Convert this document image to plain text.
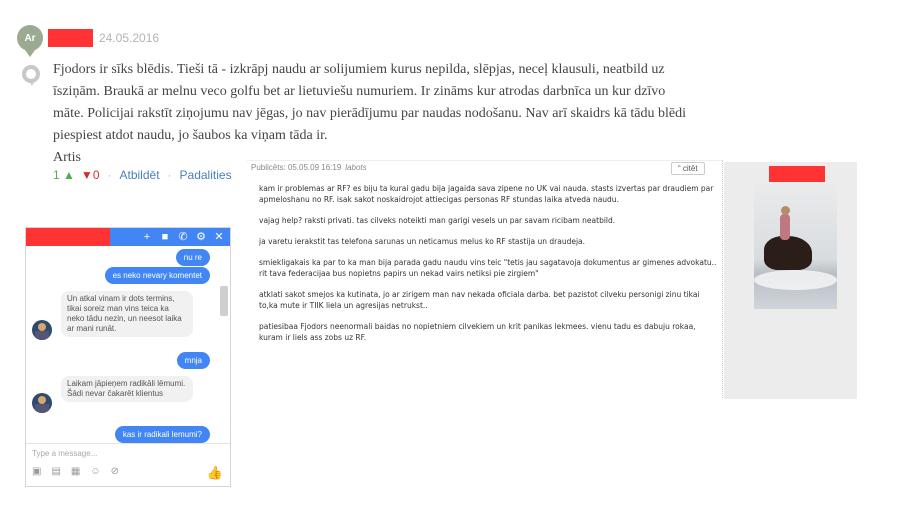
Ar	24.05.2016

Fjodors ir sīks blēdis. Tieši tā - izkrāpj naudu ar solijumiem kurus nepilda, slēpjas, neceļ klausuli, neatbild uz īsziņām. Braukā ar melnu veco golfu bet ar lietuviešu numuriem. Ir zināms kur atrodas darbnīca un kur dzīvo māte. Policijai rakstīt ziņojumu nav jēgas, jo nav pierādījumu par naudas nodošanu. Nav arī skaidrs kā tādu blēdi piespiest atdot naudu, jo šaubos ka viņam tāda ir.

Artis

1 ▲ ▼0 · Atbildēt · Padalities
+ ■ ✆ ⚙ ✕
nu re
es neko nevary komentet
Un atkal vinam ir dots termins, tikai soreiz man vins teica ka neko tādu nezin, un neesot laika ar mani runāt.
mnja
Laikam jāpieņem radikāli lēmumi. Šādi nevar čakarēt klientus
kas ir radikali lemumi?
Type a message...
▣ ▤ ▦ ☺ ⊘	👍
Publicēts: 05.05.09 16:19 labots	“ citēt

kam ir problemas ar RF? es biju ta kurai gadu bija jagaida sava zipene no UK vai nauda. stasts izvertas par draudiem par apmeloshanu no RF. isak sakot noskaidrojot attiecigas personas RF stundas laika atveda naudu.

vajag help? raksti privati. tas cilveks noteikti man garigi vesels un par savam ricibam neatbild.

ja varetu ierakstit tas telefona sarunas un neticamus melus ko RF stastija un draudeja.

smiekligakais ka par to ka man bija parada gadu naudu vins teic "tetis jau sagatavoja dokumentus ar gimenes advokatu.. rit tava federacijaa bus nopietns papirs un nekad vairs netiksi pie zirgiem"

atklati sakot smejos ka kutinata, jo ar zirigem man nav nekada oficiala darba. bet pazistot cilveku personigi zinu tikai to,ka mute ir TIIK liela un agresijas netrukst..

patiesibaa Fjodors neenormali baidas no nopietniem cilvekiem un krit panikas lekmees. vienu tadu es dabuju rokaa, kuram ir liels ass zobs uz RF.
